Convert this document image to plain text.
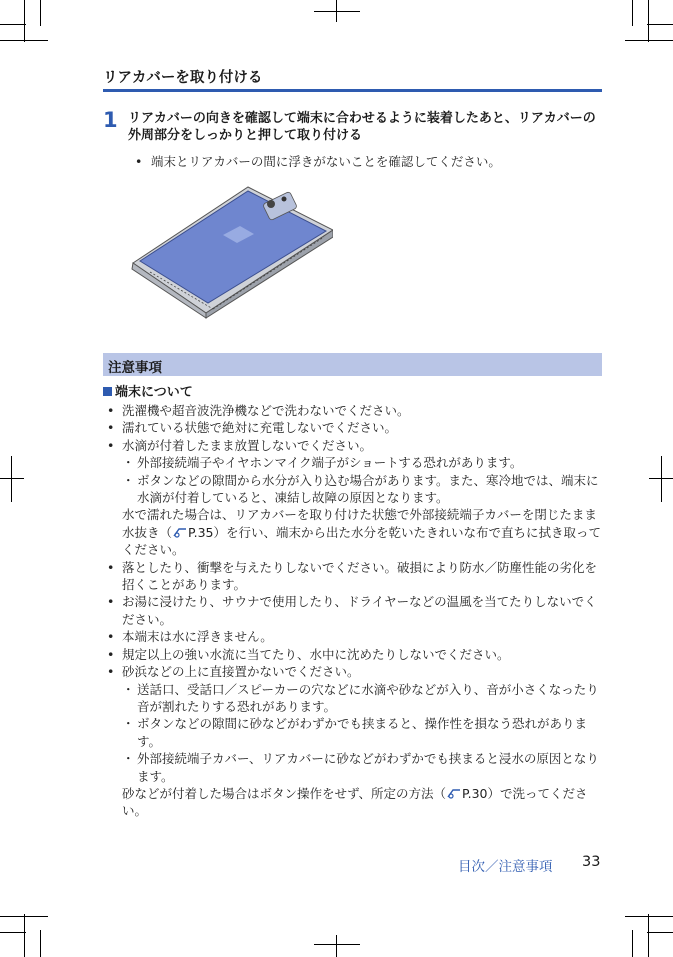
リアカバーを取り付ける
1 リアカバーの向きを確認して端末に合わせるように装着したあと、リアカバーの外周部分をしっかりと押して取り付ける
• 端末とリアカバーの間に浮きがないことを確認してください。
注意事項
端末について
• 洗濯機や超音波洗浄機などで洗わないでください。
• 濡れている状態で絶対に充電しないでください。
• 水滴が付着したまま放置しないでください。
・ 外部接続端子やイヤホンマイク端子がショートする恐れがあります。
・ ボタンなどの隙間から水分が入り込む場合があります。また、寒冷地では、端末に水滴が付着していると、凍結し故障の原因となります。
水で濡れた場合は、リアカバーを取り付けた状態で外部接続端子カバーを閉じたまま水抜き（ P.35）を行い、端末から出た水分を乾いたきれいな布で直ちに拭き取ってください。
• 落としたり、衝撃を与えたりしないでください。破損により防水／防塵性能の劣化を招くことがあります。
• お湯に浸けたり、サウナで使用したり、ドライヤーなどの温風を当てたりしないでください。
• 本端末は水に浮きません。
• 規定以上の強い水流に当てたり、水中に沈めたりしないでください。
• 砂浜などの上に直接置かないでください。
・ 送話口、受話口／スピーカーの穴などに水滴や砂などが入り、音が小さくなったり音が割れたりする恐れがあります。
・ ボタンなどの隙間に砂などがわずかでも挟まると、操作性を損なう恐れがあります。
・ 外部接続端子カバー、リアカバーに砂などがわずかでも挟まると浸水の原因となります。
砂などが付着した場合はボタン操作をせず、所定の方法（ P.30）で洗ってください。
目次／注意事項 33
